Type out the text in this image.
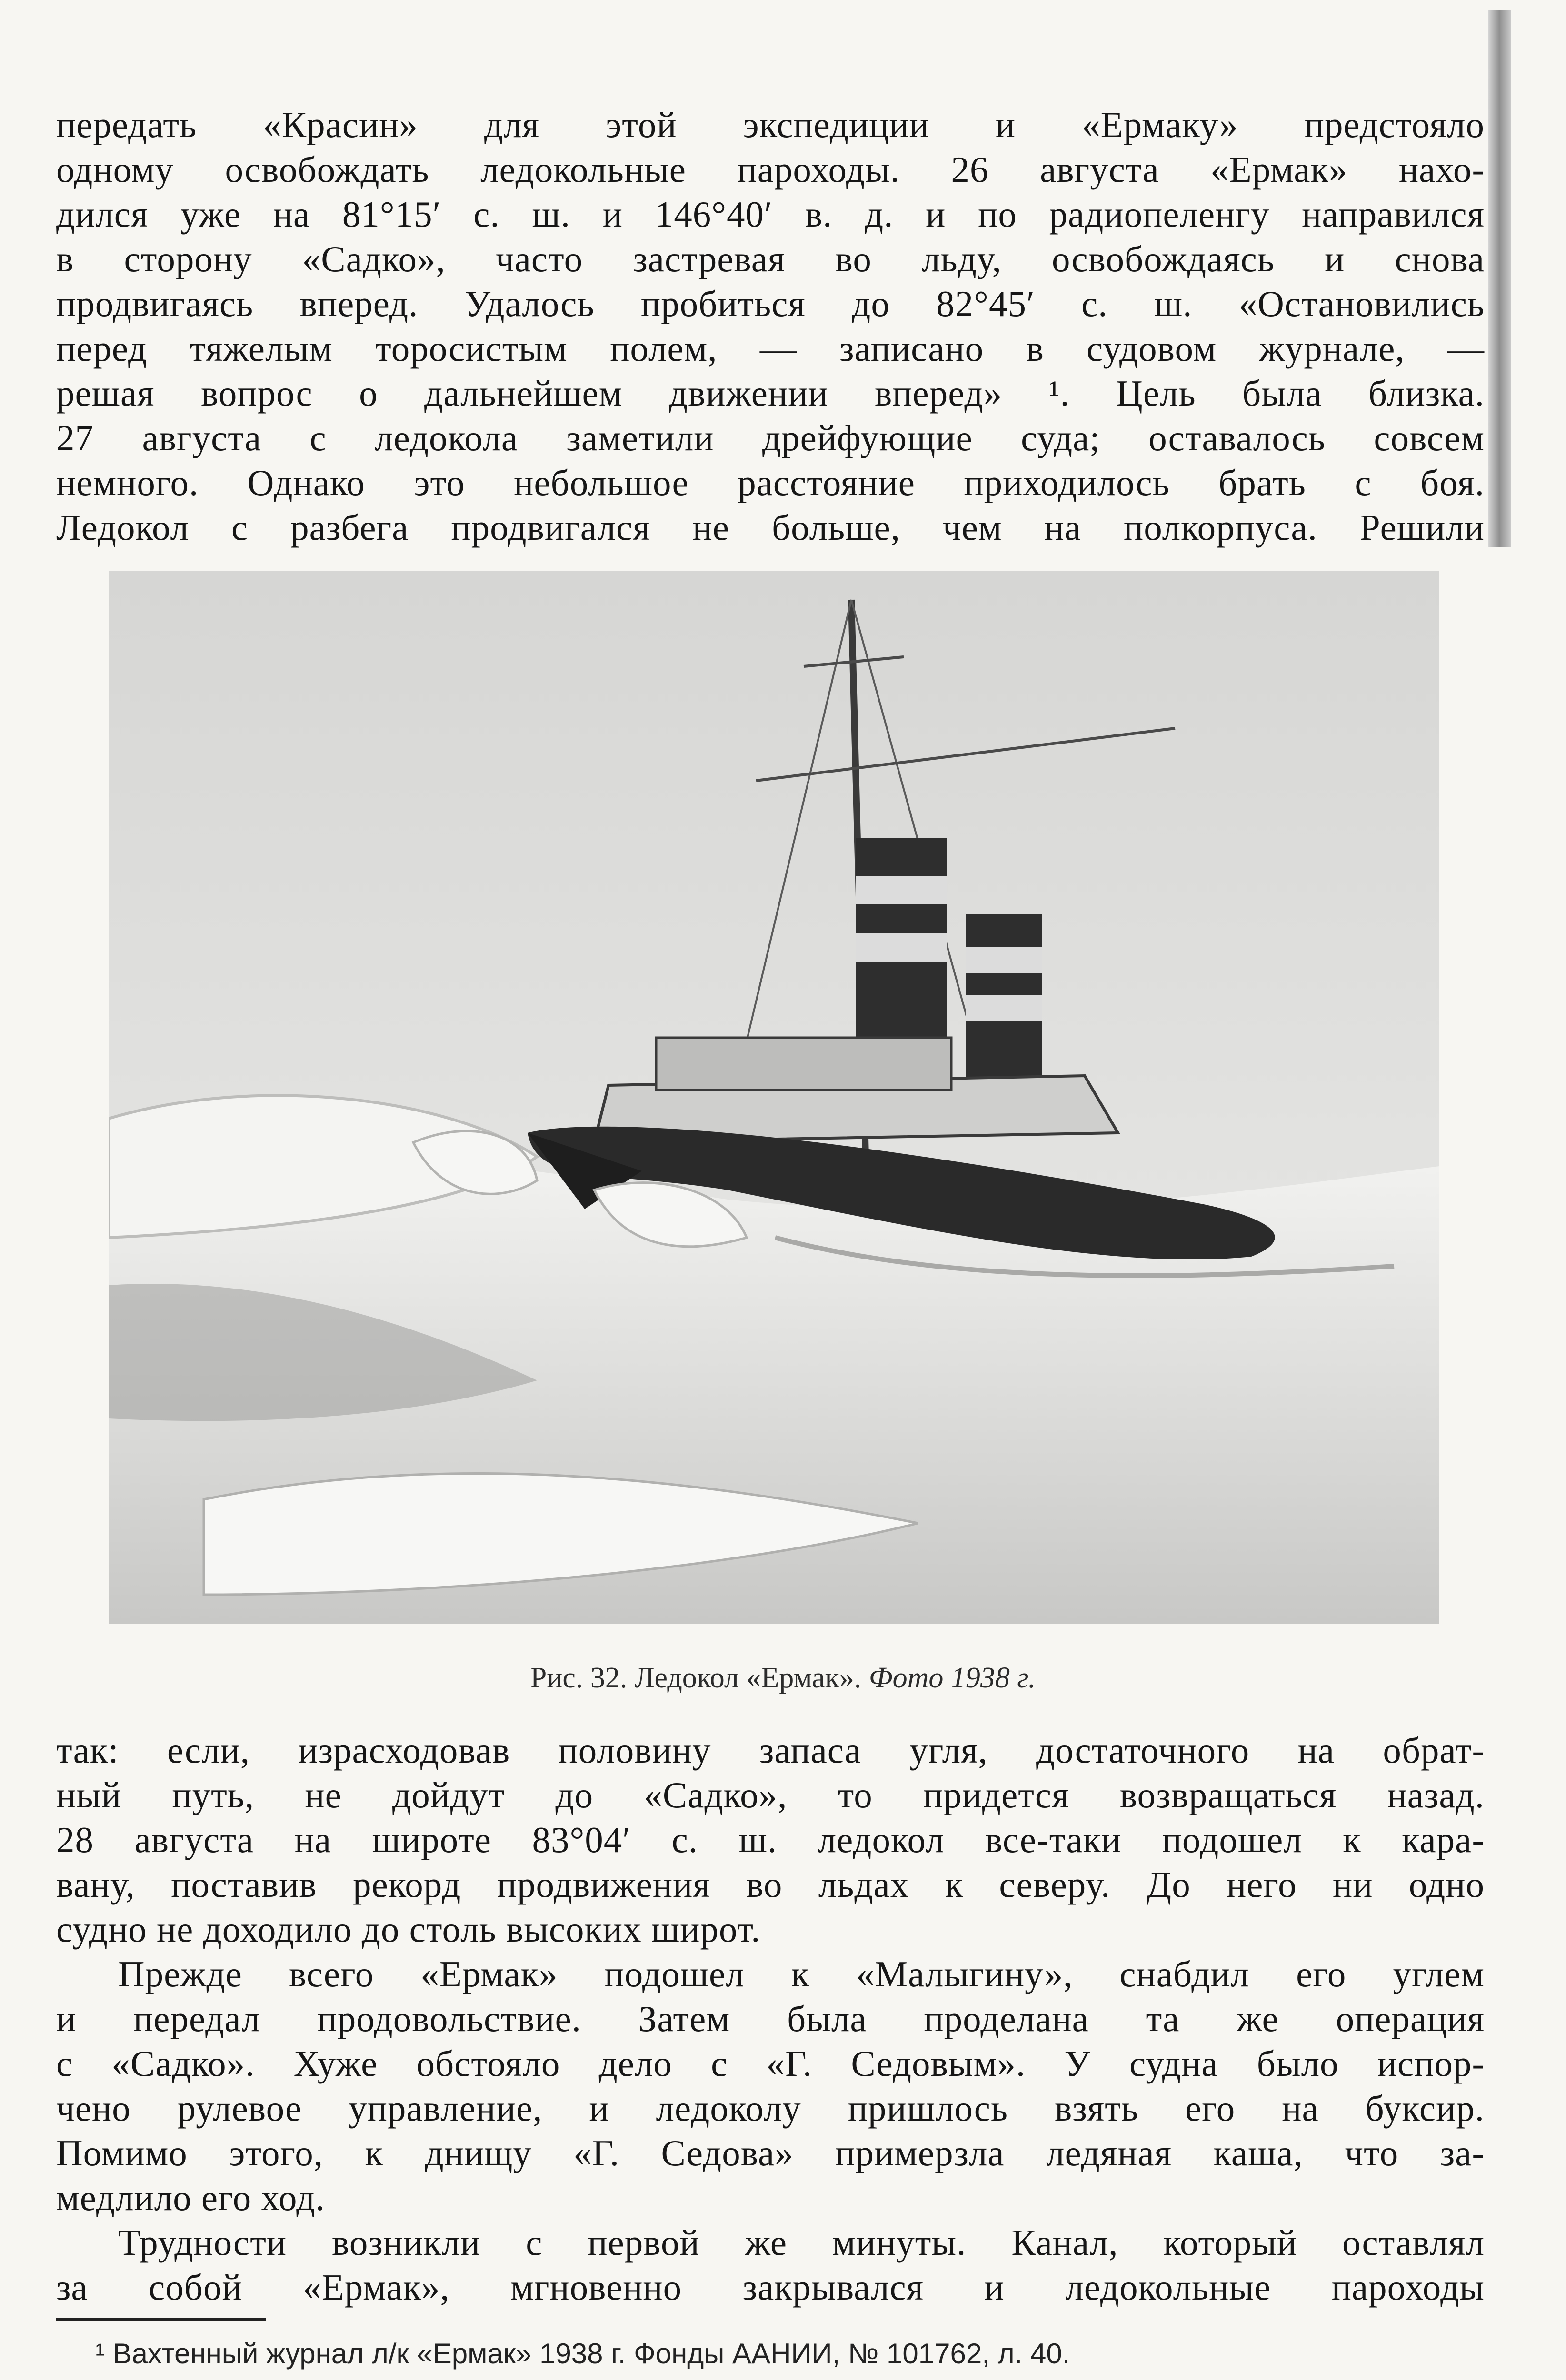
передать «Красин» для этой экспедиции и «Ермаку» предстояло
одному освобождать ледокольные пароходы. 26 августа «Ермак» нахо-
дился уже на 81°15′ с. ш. и 146°40′ в. д. и по радиопеленгу направился
в сторону «Садко», часто застревая во льду, освобождаясь и снова
продвигаясь вперед. Удалось пробиться до 82°45′ с. ш. «Остановились
перед тяжелым торосистым полем, — записано в судовом журнале, —
решая вопрос о дальнейшем движении вперед» ¹. Цель была близка.
27 августа с ледокола заметили дрейфующие суда; оставалось совсем
немного. Однако это небольшое расстояние приходилось брать с боя.
Ледокол с разбега продвигался не больше, чем на полкорпуса. Решили
Рис. 32. Ледокол «Ермак». Фото 1938 г.
так: если, израсходовав половину запаса угля, достаточного на обрат-
ный путь, не дойдут до «Садко», то придется возвращаться назад.
28 августа на широте 83°04′ с. ш. ледокол все-таки подошел к кара-
вану, поставив рекорд продвижения во льдах к северу. До него ни одно
судно не доходило до столь высоких широт.
Прежде всего «Ермак» подошел к «Малыгину», снабдил его углем
и передал продовольствие. Затем была проделана та же операция
с «Садко». Хуже обстояло дело с «Г. Седовым». У судна было испор-
чено рулевое управление, и ледоколу пришлось взять его на буксир.
Помимо этого, к днищу «Г. Седова» примерзла ледяная каша, что за-
медлило его ход.
Трудности возникли с первой же минуты. Канал, который оставлял
за собой «Ермак», мгновенно закрывался и ледокольные пароходы
¹ Вахтенный журнал л/к «Ермак» 1938 г. Фонды ААНИИ, № 101762, л. 40.
